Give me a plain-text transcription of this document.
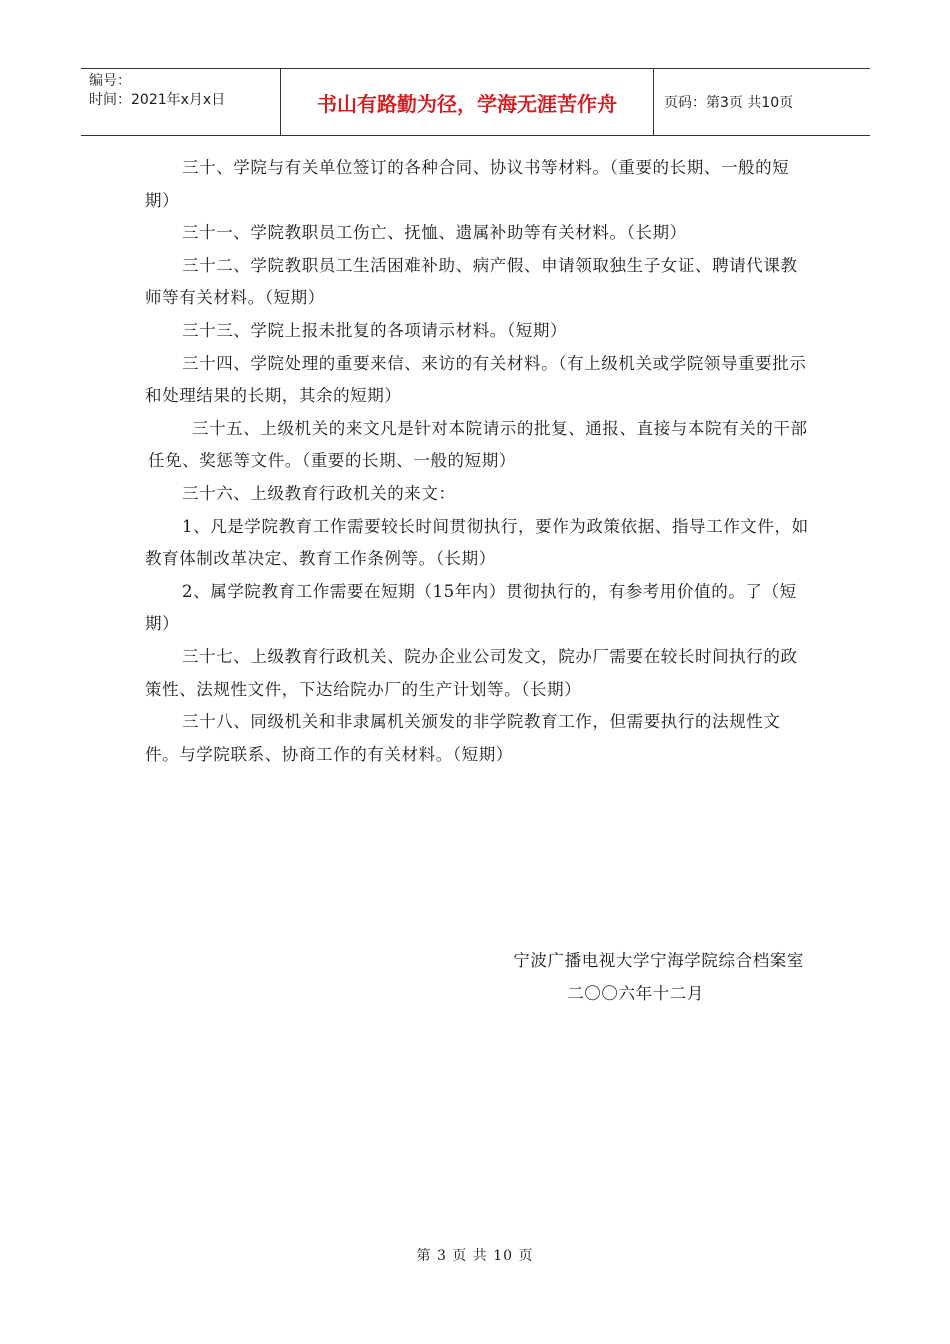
编号：
时间：2021年x月x日	书山有路勤为径，学海无涯苦作舟	页码：第3页 共10页

三十、学院与有关单位签订的各种合同、协议书等材料。（重要的长期、一般的短期）

三十一、学院教职员工伤亡、抚恤、遗属补助等有关材料。（长期）

三十二、学院教职员工生活困难补助、病产假、申请领取独生子女证、聘请代课教师等有关材料。（短期）

三十三、学院上报未批复的各项请示材料。（短期）

三十四、学院处理的重要来信、来访的有关材料。（有上级机关或学院领导重要批示和处理结果的长期，其余的短期）

三十五、上级机关的来文凡是针对本院请示的批复、通报、直接与本院有关的干部任免、奖惩等文件。（重要的长期、一般的短期）

三十六、上级教育行政机关的来文：

1、凡是学院教育工作需要较长时间贯彻执行，要作为政策依据、指导工作文件，如教育体制改革决定、教育工作条例等。（长期）

2、属学院教育工作需要在短期（15年内）贯彻执行的，有参考用价值的。了（短期）

三十七、上级教育行政机关、院办企业公司发文，院办厂需要在较长时间执行的政策性、法规性文件，下达给院办厂的生产计划等。（长期）

三十八、同级机关和非隶属机关颁发的非学院教育工作，但需要执行的法规性文件。与学院联系、协商工作的有关材料。（短期）

宁波广播电视大学宁海学院综合档案室
二〇〇六年十二月
第 3 页 共 10 页
